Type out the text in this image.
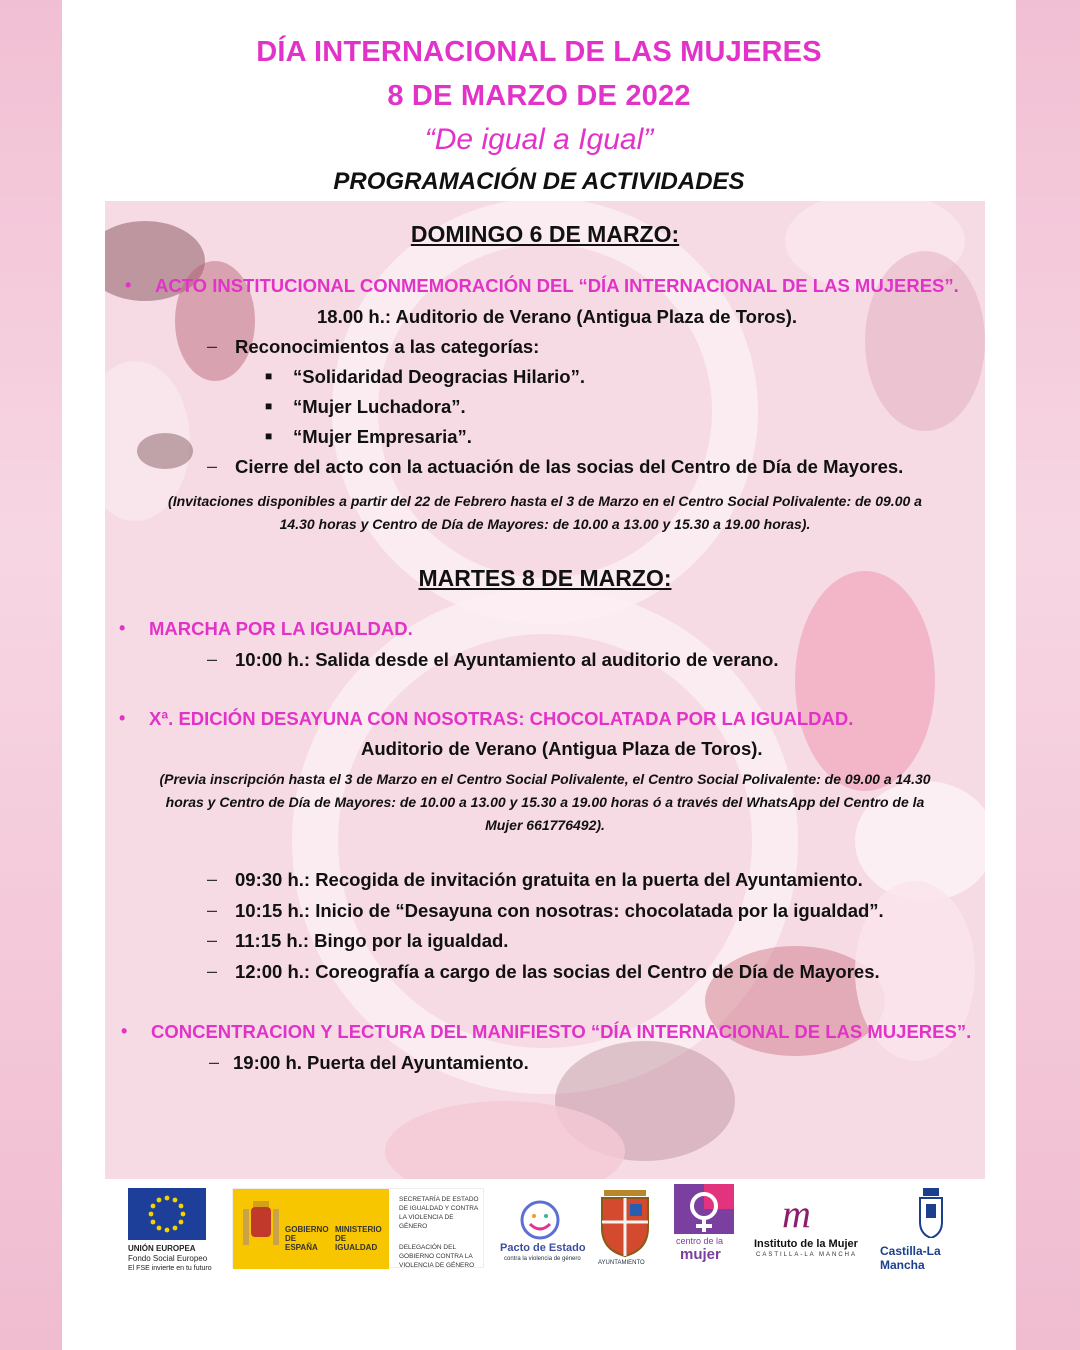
DÍA INTERNACIONAL DE LAS MUJERES
8 DE MARZO DE 2022
“De igual a Igual”
PROGRAMACIÓN DE ACTIVIDADES
DOMINGO 6 DE MARZO:
• ACTO INSTITUCIONAL CONMEMORACIÓN DEL “DÍA INTERNACIONAL DE LAS MUJERES”.
18.00 h.: Auditorio de Verano (Antigua Plaza de Toros).
– Reconocimientos a las categorías:
■ “Solidaridad Deogracias Hilario”.
■ “Mujer Luchadora”.
■ “Mujer Empresaria”.
– Cierre del acto con la actuación de las socias del Centro de Día de Mayores.
(Invitaciones disponibles a partir del 22 de Febrero hasta el 3 de Marzo en el Centro Social Polivalente: de 09.00 a
14.30 horas y Centro de Día de Mayores: de 10.00 a 13.00 y 15.30 a 19.00 horas).
MARTES 8 DE MARZO:
• MARCHA POR LA IGUALDAD.
– 10:00 h.: Salida desde el Ayuntamiento al auditorio de verano.
• Xª. EDICIÓN DESAYUNA CON NOSOTRAS: CHOCOLATADA POR LA IGUALDAD.
Auditorio de Verano (Antigua Plaza de Toros).
(Previa inscripción hasta el 3 de Marzo en el Centro Social Polivalente, el Centro Social Polivalente: de 09.00 a 14.30
horas y Centro de Día de Mayores: de 10.00 a 13.00 y 15.30 a 19.00 horas ó a través del WhatsApp del Centro de la
Mujer 661776492).
– 09:30 h.: Recogida de invitación gratuita en la puerta del Ayuntamiento.
– 10:15 h.: Inicio de “Desayuna con nosotras: chocolatada por la igualdad”.
– 11:15 h.: Bingo por la igualdad.
– 12:00 h.: Coreografía a cargo de las socias del Centro de Día de Mayores.
• CONCENTRACION Y LECTURA DEL MANIFIESTO “DÍA INTERNACIONAL DE LAS MUJERES”.
– 19:00 h. Puerta del Ayuntamiento.
UNIÓN EUROPEA
Fondo Social Europeo
El FSE invierte en tu futuro
GOBIERNO DE ESPAÑA
MINISTERIO DE IGUALDAD
SECRETARÍA DE ESTADO DE IGUALDAD Y CONTRA LA VIOLENCIA DE GÉNERO
DELEGACIÓN DEL GOBIERNO CONTRA LA VIOLENCIA DE GÉNERO
Pacto de Estado
contra la violencia de género
AYUNTAMIENTO
centro de la
mujer
m
Instituto de la Mujer
CASTILLA-LA MANCHA Castilla-La Mancha
